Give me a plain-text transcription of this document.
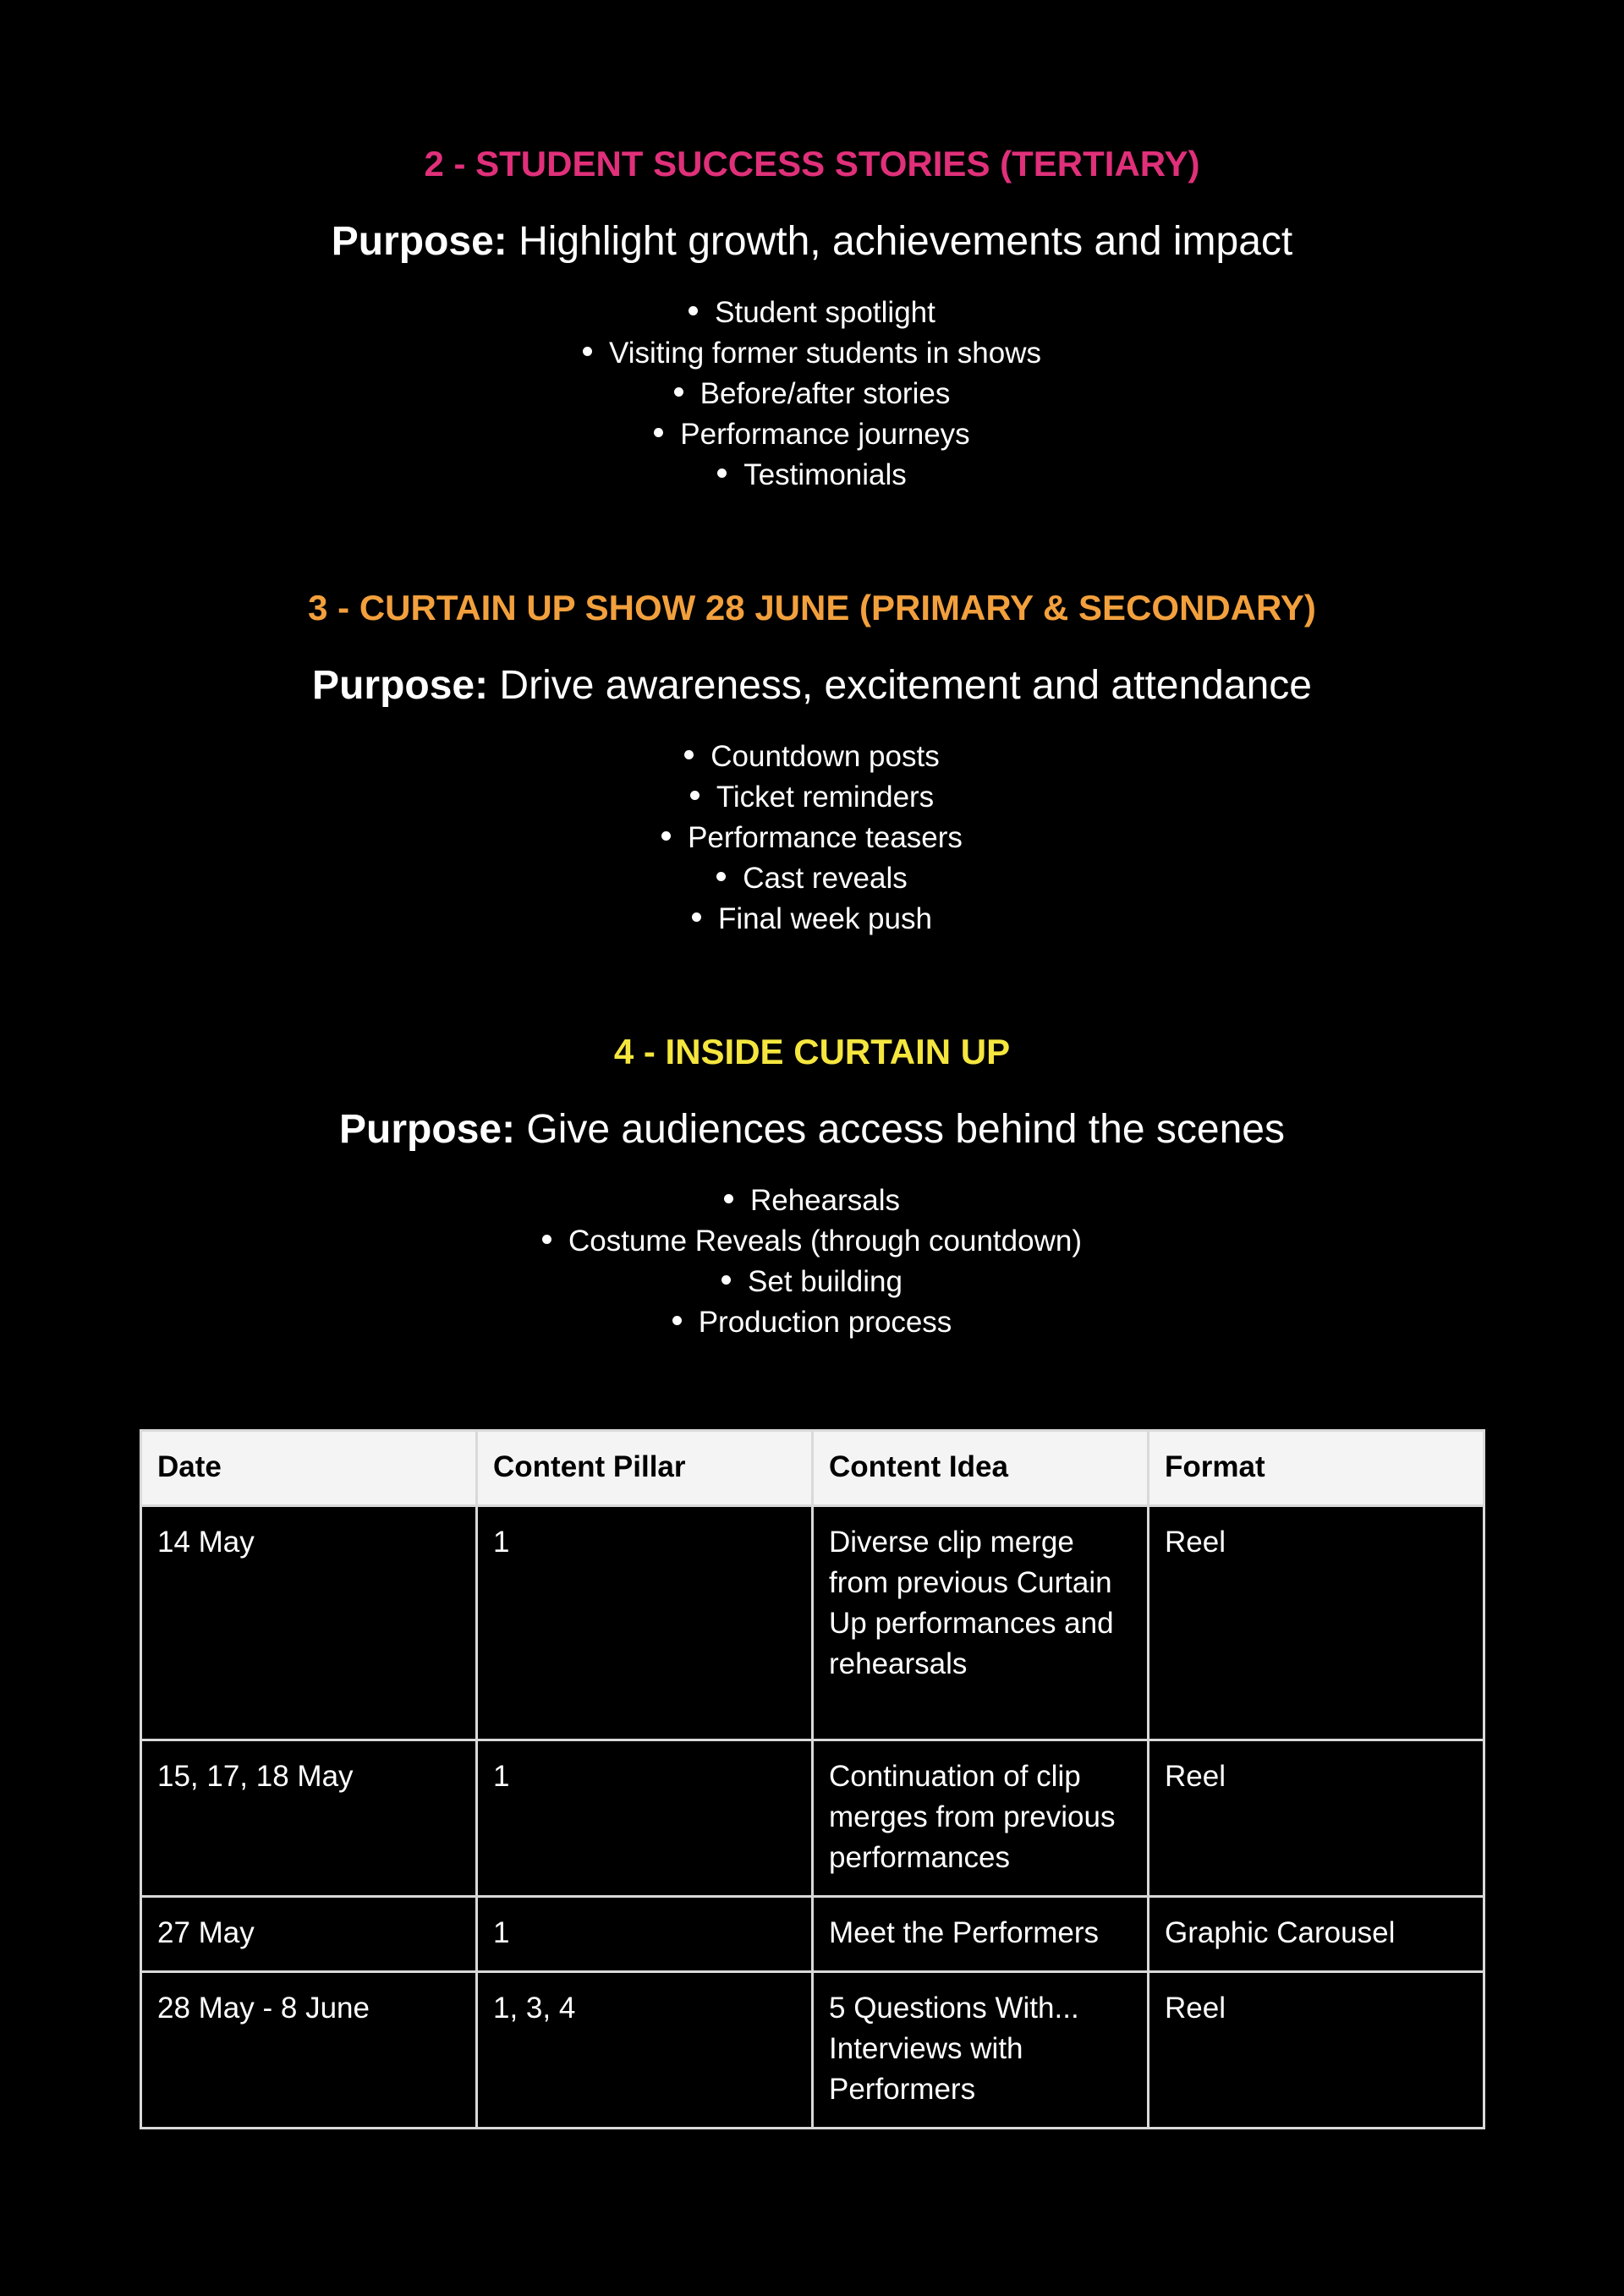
2 - STUDENT SUCCESS STORIES (TERTIARY)

Purpose: Highlight growth, achievements and impact

Student spotlight
Visiting former students in shows
Before/after stories
Performance journeys
Testimonials
3 - CURTAIN UP SHOW 28 JUNE (PRIMARY & SECONDARY)

Purpose: Drive awareness, excitement and attendance

Countdown posts
Ticket reminders
Performance teasers
Cast reveals
Final week push
4 - INSIDE CURTAIN UP

Purpose: Give audiences access behind the scenes

Rehearsals
Costume Reveals (through countdown)
Set building
Production process
Date	Content Pillar	Content Idea	Format
14 May	1	Diverse clip merge from previous Curtain Up performances and rehearsals	Reel
15, 17, 18 May	1	Continuation of clip merges from previous performances	Reel
27 May	1	Meet the Performers	Graphic Carousel
28 May - 8 June	1, 3, 4	5 Questions With... Interviews with Performers	Reel
